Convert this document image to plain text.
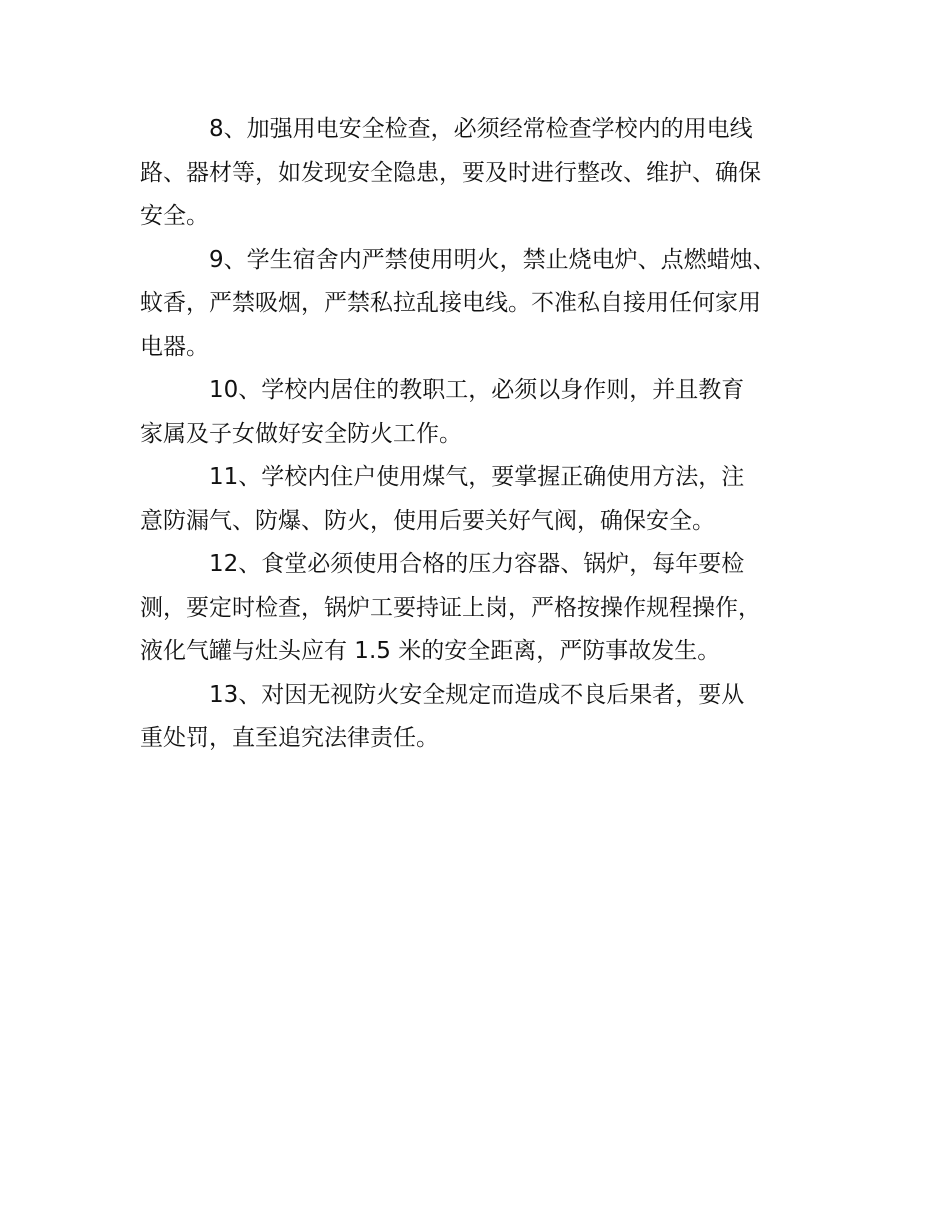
8、加强用电安全检查，必须经常检查学校内的用电线
路、器材等，如发现安全隐患，要及时进行整改、维护、确保
安全。

9、学生宿舍内严禁使用明火，禁止烧电炉、点燃蜡烛、
蚊香，严禁吸烟，严禁私拉乱接电线。不准私自接用任何家用
电器。

10、学校内居住的教职工，必须以身作则，并且教育
家属及子女做好安全防火工作。

11、学校内住户使用煤气，要掌握正确使用方法，注
意防漏气、防爆、防火，使用后要关好气阀，确保安全。

12、食堂必须使用合格的压力容器、锅炉，每年要检
测，要定时检查，锅炉工要持证上岗，严格按操作规程操作，
液化气罐与灶头应有 1.5 米的安全距离，严防事故发生。

13、对因无视防火安全规定而造成不良后果者，要从
重处罚，直至追究法律责任。
